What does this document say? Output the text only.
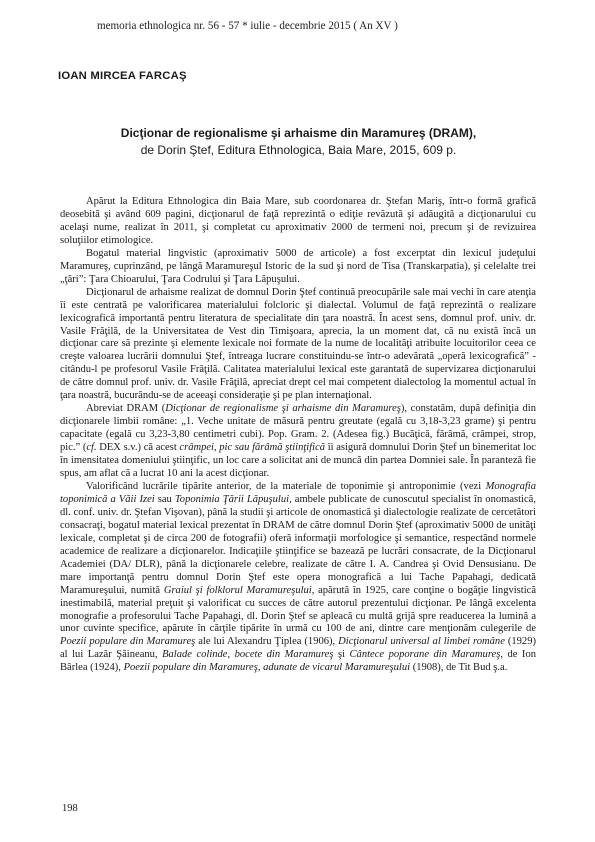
memoria ethnologica nr. 56 - 57 * iulie - decembrie 2015 ( An XV )
IOAN MIRCEA FARCAŞ
Dicţionar de regionalisme şi arhaisme din Maramureş (DRAM),
de Dorin Ştef, Editura Ethnologica, Baia Mare, 2015, 609 p.

Apărut la Editura Ethnologica din Baia Mare, sub coordonarea dr. Ştefan Mariş, într-o formă grafică deosebită şi având 609 pagini, dicţionarul de faţă reprezintă o ediţie revăzută şi adăugită a dicţionarului cu acelaşi nume, realizat în 2011, şi completat cu aproximativ 2000 de termeni noi, precum şi de revizuirea soluţiilor etimologice.

Bogatul material lingvistic (aproximativ 5000 de articole) a fost excerptat din lexicul judeţului Maramureş, cuprinzând, pe lângă Maramureşul Istoric de la sud şi nord de Tisa (Transkarpatia), şi celelalte trei „ţări”: Ţara Chioarului, Ţara Codrului şi Ţara Lăpuşului.

Dicţionarul de arhaisme realizat de domnul Dorin Ştef continuă preocupările sale mai vechi în care atenţia îi este centrată pe valorificarea materialului folcloric şi dialectal. Volumul de faţă reprezintă o realizare lexicografică importantă pentru literatura de specialitate din ţara noastră. În acest sens, domnul prof. univ. dr. Vasile Frăţilă, de la Universitatea de Vest din Timişoara, aprecia, la un moment dat, că nu există încă un dicţionar care să prezinte şi elemente lexicale noi formate de la nume de localităţi atribuite locuitorilor ceea ce creşte valoarea lucrării domnului Ştef, întreaga lucrare constituindu-se într-o adevărată „operă lexicografică” - citându-l pe profesorul Vasile Frăţilă. Calitatea materialului lexical este garantată de supervizarea dicţionarului de către domnul prof. univ. dr. Vasile Frăţilă, apreciat drept cel mai competent dialectolog la momentul actual în ţara noastră, bucurându-se de aceeaşi consideraţie şi pe plan internaţional.

Abreviat DRAM (Dicţionar de regionalisme şi arhaisme din Maramureş), constatăm, după definiţia din dicţionarele limbii române: „1. Veche unitate de măsură pentru greutate (egală cu 3,18-3,23 grame) şi pentru capacitate (egală cu 3,23-3,80 centimetri cubi). Pop. Gram. 2. (Adesea fig.) Bucăţică, fărâmă, crâmpei, strop, pic.” (cf. DEX s.v.) că acest crâmpei, pic sau fărâmă ştiinţifică îi asigură domnului Dorin Ştef un binemeritat loc în imensitatea domeniului ştiinţific, un loc care a solicitat ani de muncă din partea Domniei sale. În paranteză fie spus, am aflat că a lucrat 10 ani la acest dicţionar.

Valorificând lucrările tipărite anterior, de la materiale de toponimie şi antroponimie (vezi Monografia toponimică a Văii Izei sau Toponimia Ţării Lăpuşului, ambele publicate de cunoscutul specialist în onomastică, dl. conf. univ. dr. Ştefan Vişovan), până la studii şi articole de onomastică şi dialectologie realizate de cercetători consacraţi, bogatul material lexical prezentat în DRAM de către domnul Dorin Ştef (aproximativ 5000 de unităţi lexicale, completat şi de circa 200 de fotografii) oferă informaţii morfologice şi semantice, respectând normele academice de realizare a dicţionarelor. Indicaţiile ştiinţifice se bazează pe lucrări consacrate, de la Dicţionarul Academiei (DA/ DLR), până la dicţionarele celebre, realizate de către I. A. Candrea şi Ovid Densusianu. De mare importanţă pentru domnul Dorin Ştef este opera monografică a lui Tache Papahagi, dedicată Maramureşului, numită Graiul şi folklorul Maramureşului, apărută în 1925, care conţine o bogăţie lingvistică inestimabilă, material preţuit şi valorificat cu succes de către autorul prezentului dicţionar. Pe lângă excelenta monografie a profesorului Tache Papahagi, dl. Dorin Ştef se apleacă cu multă grijă spre readucerea la lumină a unor cuvinte specifice, apărute în cărţile tipărite în urmă cu 100 de ani, dintre care menţionăm culegerile de Poezii populare din Maramureş ale lui Alexandru Ţiplea (1906), Dicţionarul universal al limbei române (1929) al lui Lazăr Şăineanu, Balade colinde, bocete din Maramureş şi Cântece poporane din Maramureş, de Ion Bârlea (1924), Poezii populare din Maramureş, adunate de vicarul Maramureşului (1908), de Tit Bud ş.a.

198
